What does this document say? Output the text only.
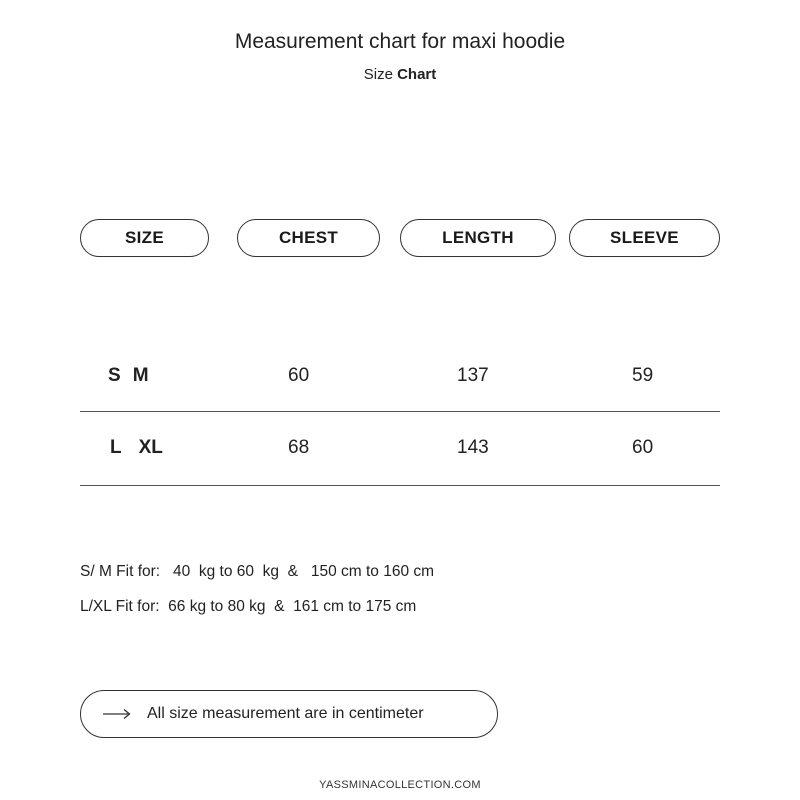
Measurement chart for maxi hoodie
Size Chart
SIZE	CHEST	LENGTH	SLEEVE
S M	60	137	59
L XL	68	143	60
S/ M Fit for:   40  kg to 60  kg  &   150 cm to 160 cm
L/XL Fit for:  66 kg to 80 kg  &  161 cm to 175 cm
All size measurement are in centimeter
YASSMINACOLLECTION.COM
